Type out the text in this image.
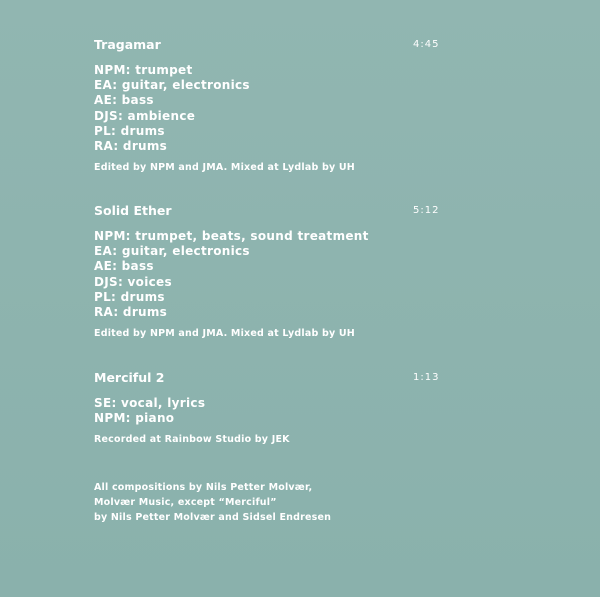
Tragamar	4:45
NPM: trumpet
EA: guitar, electronics
AE: bass
DJS: ambience
PL: drums
RA: drums
Edited by NPM and JMA. Mixed at Lydlab by UH
Solid Ether	5:12
NPM: trumpet, beats, sound treatment
EA: guitar, electronics
AE: bass
DJS: voices
PL: drums
RA: drums
Edited by NPM and JMA. Mixed at Lydlab by UH
Merciful 2	1:13
SE: vocal, lyrics
NPM: piano
Recorded at Rainbow Studio by JEK
All compositions by Nils Petter Molvær,
Molvær Music, except “Merciful”
by Nils Petter Molvær and Sidsel Endresen
